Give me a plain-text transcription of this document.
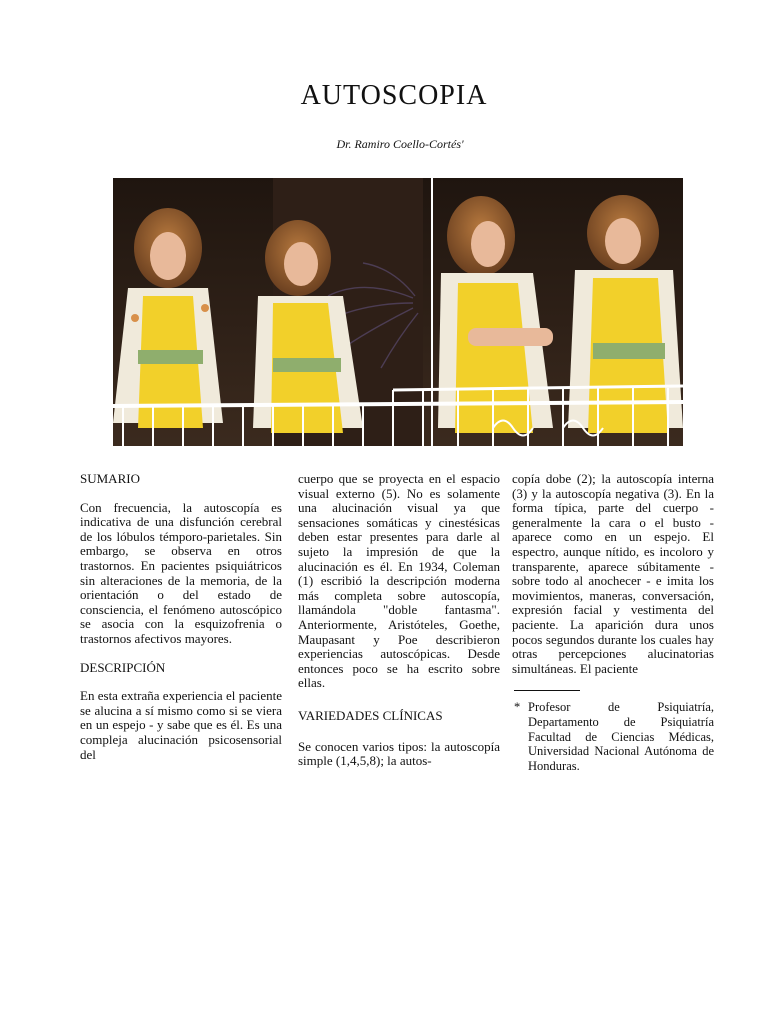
AUTOSCOPIA
Dr. Ramiro Coello-Cortés'

SUMARIO

Con frecuencia, la autoscopía es indicativa de una disfunción cerebral de los lóbulos témporo-parietales. Sin embargo, se observa en otros trastornos. En pacientes psiquiátricos sin alteraciones de la memoria, de la orientación o del estado de consciencia, el fenómeno autoscópico se asocia con la esquizofrenia o trastornos afectivos mayores.

DESCRIPCIÓN

En esta extraña experiencia el paciente se alucina a sí mismo como si se viera en un espejo - y sabe que es él. Es una compleja alucinación psicosensorial del

cuerpo que se proyecta en el espacio visual externo (5). No es solamente una alucinación visual ya que sensaciones somáticas y cinestésicas deben estar presentes para darle al sujeto la impresión de que la alucinación es él. En 1934, Coleman (1) escribió la descripción moderna más completa sobre autoscopía, llamándola "doble fantasma". Anteriormente, Aristóteles, Goethe, Maupasant y Poe describieron experiencias autoscópicas. Desde entonces poco se ha escrito sobre ellas.

VARIEDADES CLÍNICAS

Se conocen varios tipos: la autoscopía simple (1,4,5,8); la autos-

copía dobe (2); la autoscopía interna (3) y la autoscopía negativa (3). En la forma típica, parte del cuerpo - generalmente la cara o el busto - aparece como en un espejo. El espectro, aunque nítido, es incoloro y transparente, aparece súbitamente - sobre todo al anochecer - e imita los movimientos, maneras, conversación, expresión facial y vestimenta del paciente. La aparición dura unos pocos segundos durante los cuales hay otras percepciones alucinatorias simultáneas. El paciente

* Profesor de Psiquiatría, Departamento de Psiquiatría Facultad de Ciencias Médicas, Universidad Nacional Autónoma de Honduras.
